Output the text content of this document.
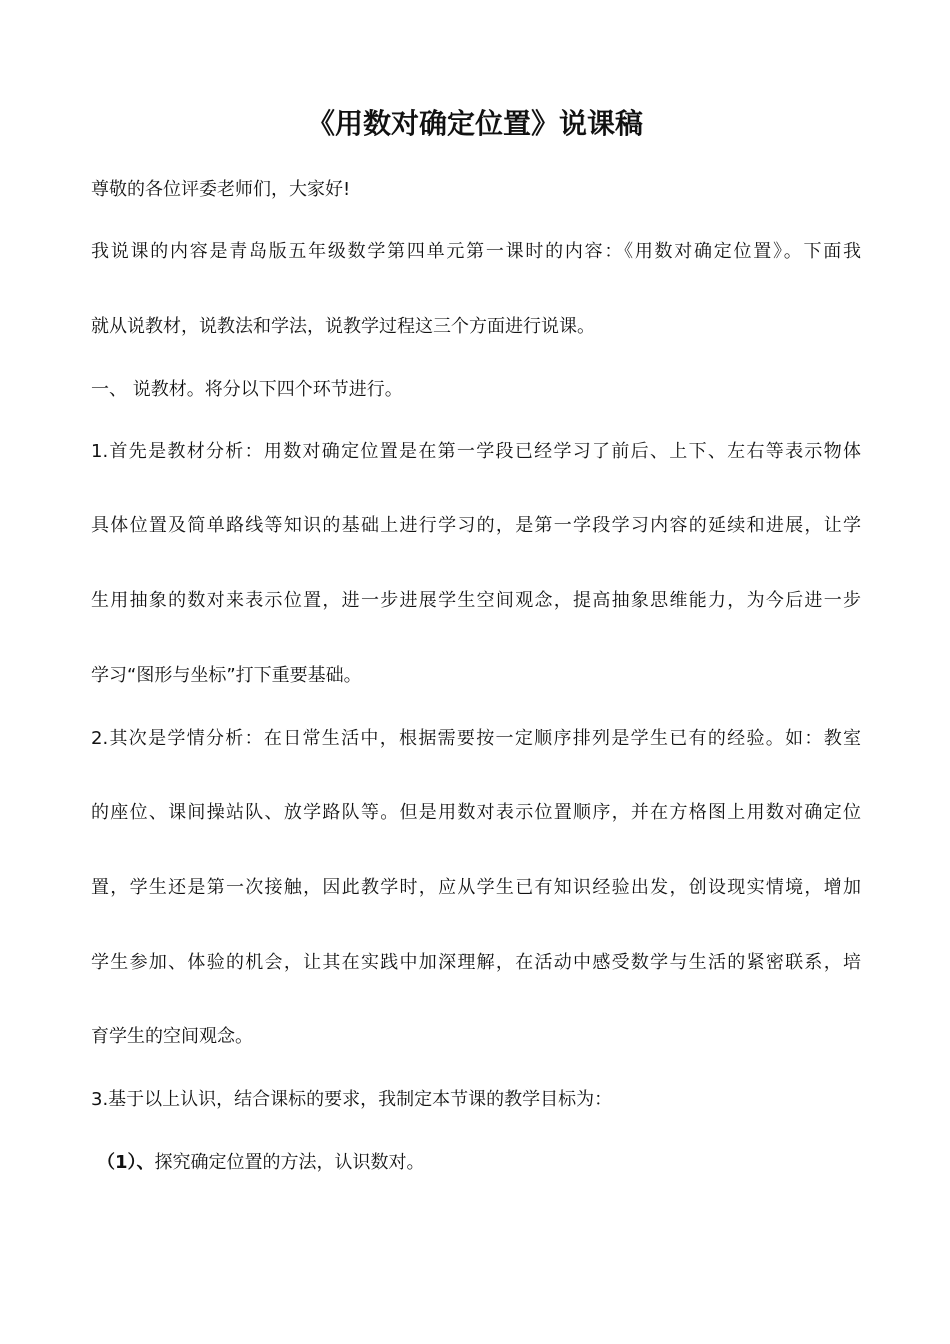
《用数对确定位置》说课稿
尊敬的各位评委老师们，大家好!
我说课的内容是青岛版五年级数学第四单元第一课时的内容：《用数对确定位置》。下面我
就从说教材，说教法和学法，说教学过程这三个方面进行说课。
一、 说教材。将分以下四个环节进行。
1.首先是教材分析：用数对确定位置是在第一学段已经学习了前后、上下、左右等表示物体
具体位置及简单路线等知识的基础上进行学习的，是第一学段学习内容的延续和进展，让学
生用抽象的数对来表示位置，进一步进展学生空间观念，提高抽象思维能力，为今后进一步
学习“图形与坐标”打下重要基础。
2.其次是学情分析：在日常生活中，根据需要按一定顺序排列是学生已有的经验。如：教室
的座位、课间操站队、放学路队等。但是用数对表示位置顺序，并在方格图上用数对确定位
置，学生还是第一次接触，因此教学时，应从学生已有知识经验出发，创设现实情境，增加
学生参加、体验的机会，让其在实践中加深理解，在活动中感受数学与生活的紧密联系，培
育学生的空间观念。
3.基于以上认识，结合课标的要求，我制定本节课的教学目标为：
（1）、探究确定位置的方法，认识数对。
